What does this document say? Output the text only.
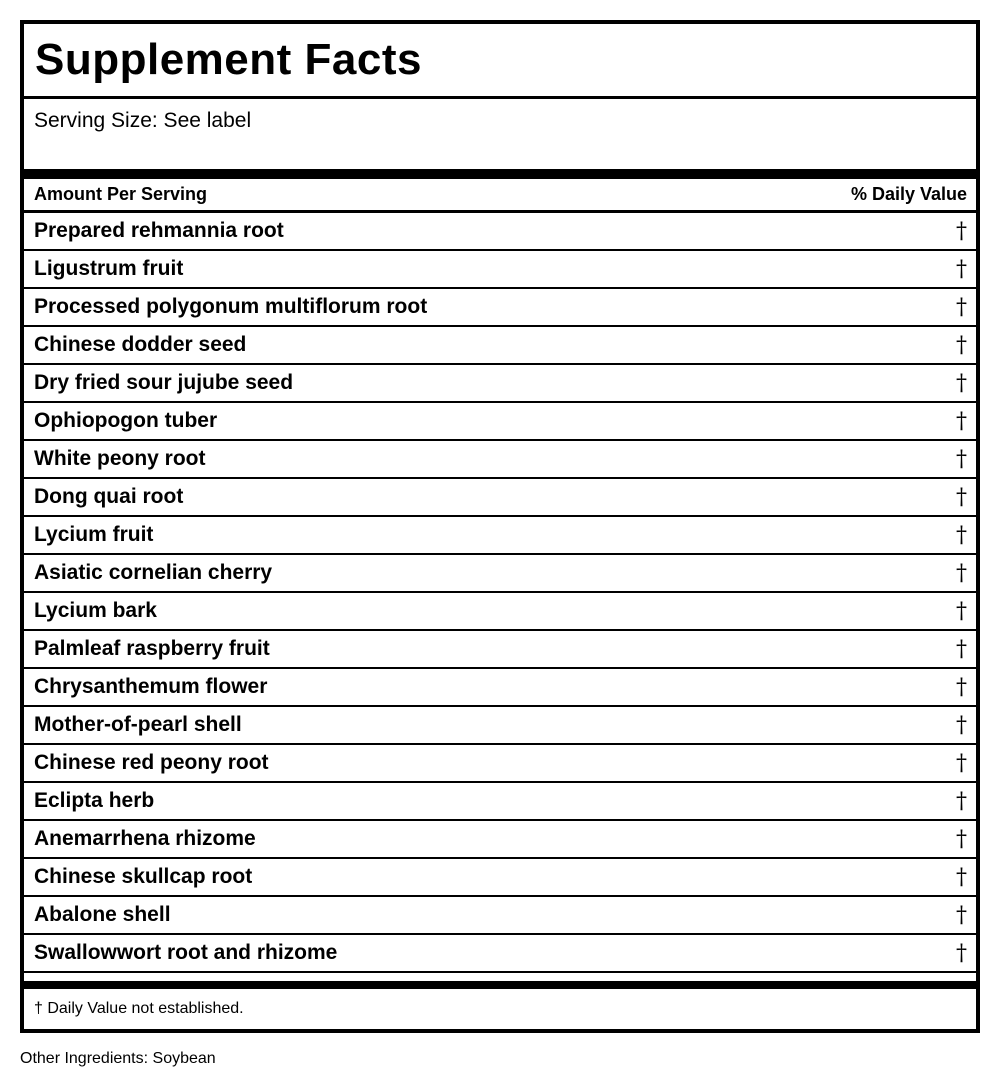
Supplement Facts
Serving Size: See label
Amount Per Serving	% Daily Value
Prepared rehmannia root	†
Ligustrum fruit	†
Processed polygonum multiflorum root	†
Chinese dodder seed	†
Dry fried sour jujube seed	†
Ophiopogon tuber	†
White peony root	†
Dong quai root	†
Lycium fruit	†
Asiatic cornelian cherry	†
Lycium bark	†
Palmleaf raspberry fruit	†
Chrysanthemum flower	†
Mother-of-pearl shell	†
Chinese red peony root	†
Eclipta herb	†
Anemarrhena rhizome	†
Chinese skullcap root	†
Abalone shell	†
Swallowwort root and rhizome	†
† Daily Value not established.
Other Ingredients: Soybean
